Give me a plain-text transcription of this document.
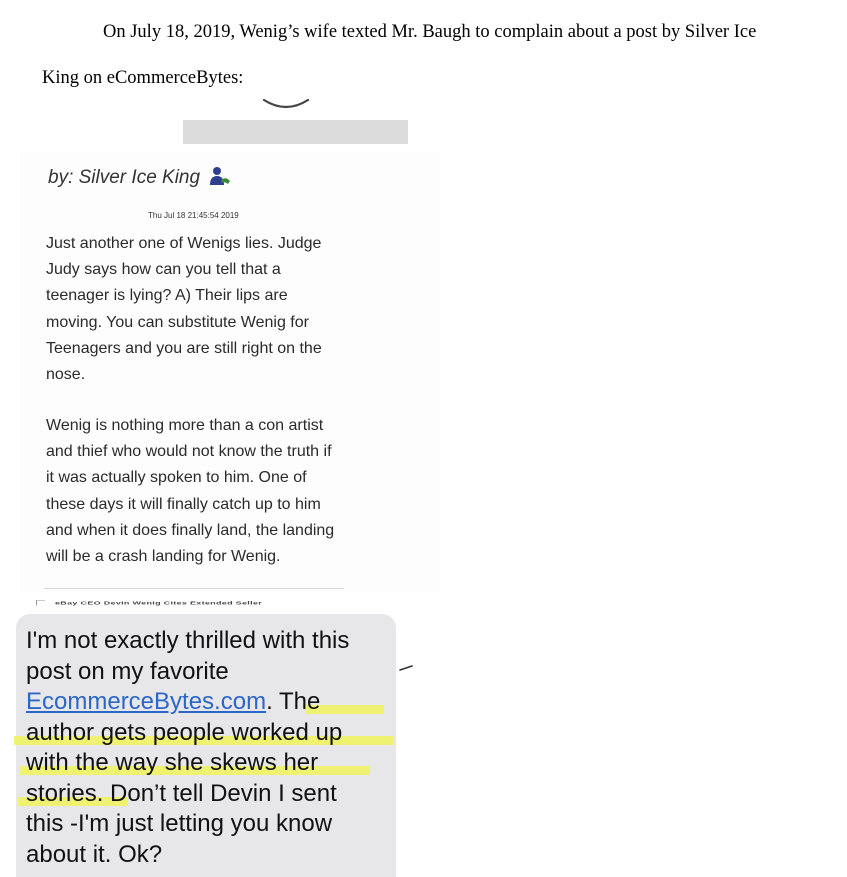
On July 18, 2019, Wenig’s wife texted Mr. Baugh to complain about a post by Silver Ice
King on eCommerceBytes:
by: Silver Ice King
Thu Jul 18 21:45:54 2019
Just another one of Wenigs lies. Judge
Judy says how can you tell that a
teenager is lying? A) Their lips are
moving. You can substitute Wenig for
Teenagers and you are still right on the
nose.
Wenig is nothing more than a con artist
and thief who would not know the truth if
it was actually spoken to him. One of
these days it will finally catch up to him
and when it does finally land, the landing
will be a crash landing for Wenig.
eBay CEO Devin Wenig Cites Extended Seller
I'm not exactly thrilled with this
post on my favorite
EcommerceBytes.com. The
author gets people worked up
with the way she skews her
stories. Don’t tell Devin I sent
this -I'm just letting you know
about it. Ok?
